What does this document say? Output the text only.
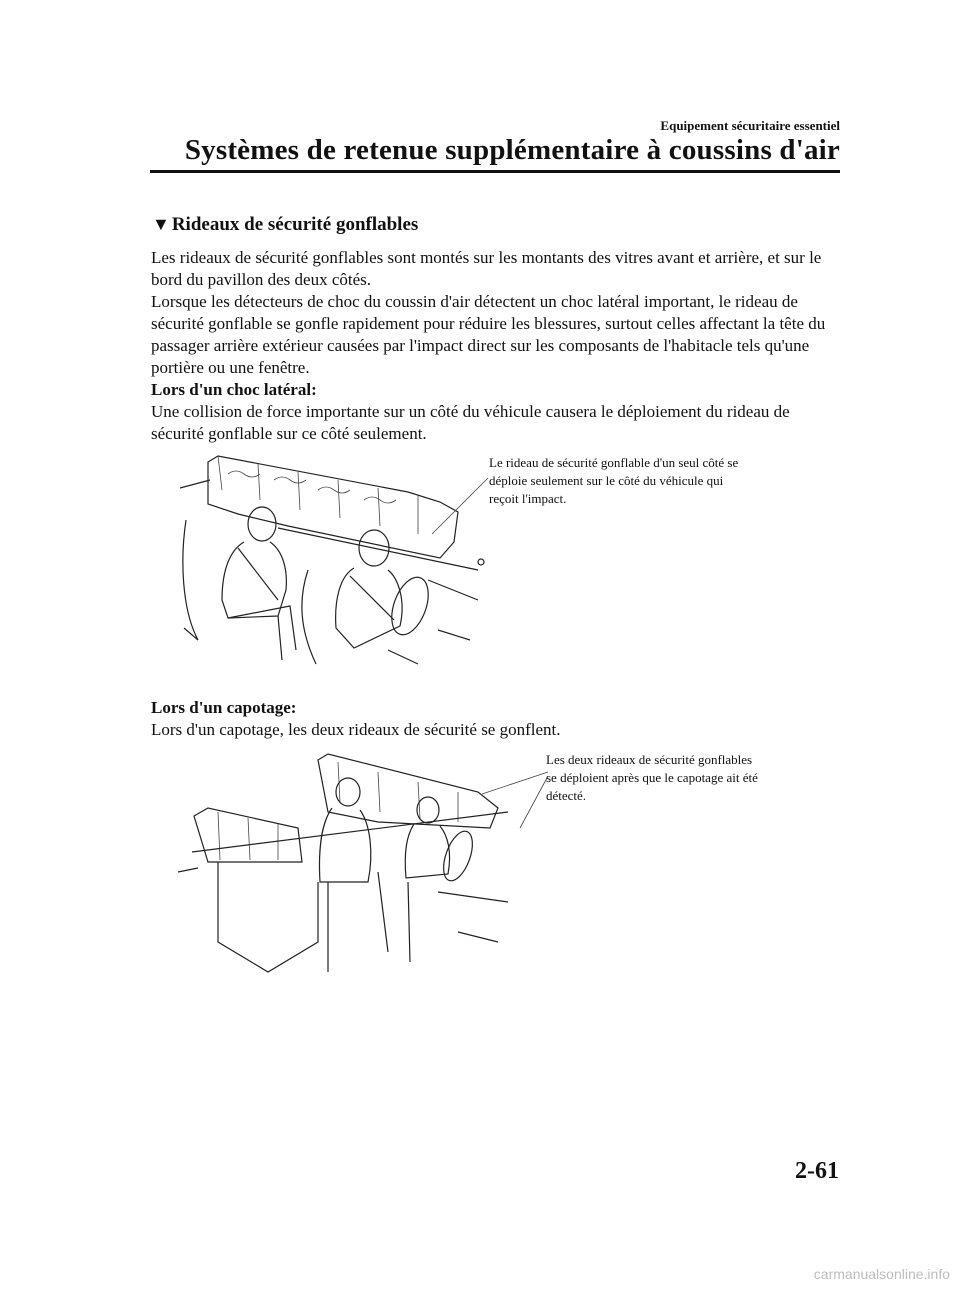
Equipement sécuritaire essentiel
Systèmes de retenue supplémentaire à coussins d'air
▼ Rideaux de sécurité gonflables

Les rideaux de sécurité gonflables sont montés sur les montants des vitres avant et arrière, et sur le bord du pavillon des deux côtés.

Lorsque les détecteurs de choc du coussin d'air détectent un choc latéral important, le rideau de sécurité gonflable se gonfle rapidement pour réduire les blessures, surtout celles affectant la tête du passager arrière extérieur causées par l'impact direct sur les composants de l'habitacle tels qu'une portière ou une fenêtre.

Lors d'un choc latéral:

Une collision de force importante sur un côté du véhicule causera le déploiement du rideau de sécurité gonflable sur ce côté seulement.

Le rideau de sécurité gonflable d'un seul côté se
déploie seulement sur le côté du véhicule qui
reçoit l'impact.

Lors d'un capotage:

Lors d'un capotage, les deux rideaux de sécurité se gonflent.

Les deux rideaux de sécurité gonflables
se déploient après que le capotage ait été
détecté.
2-61
carmanualsonline.info
